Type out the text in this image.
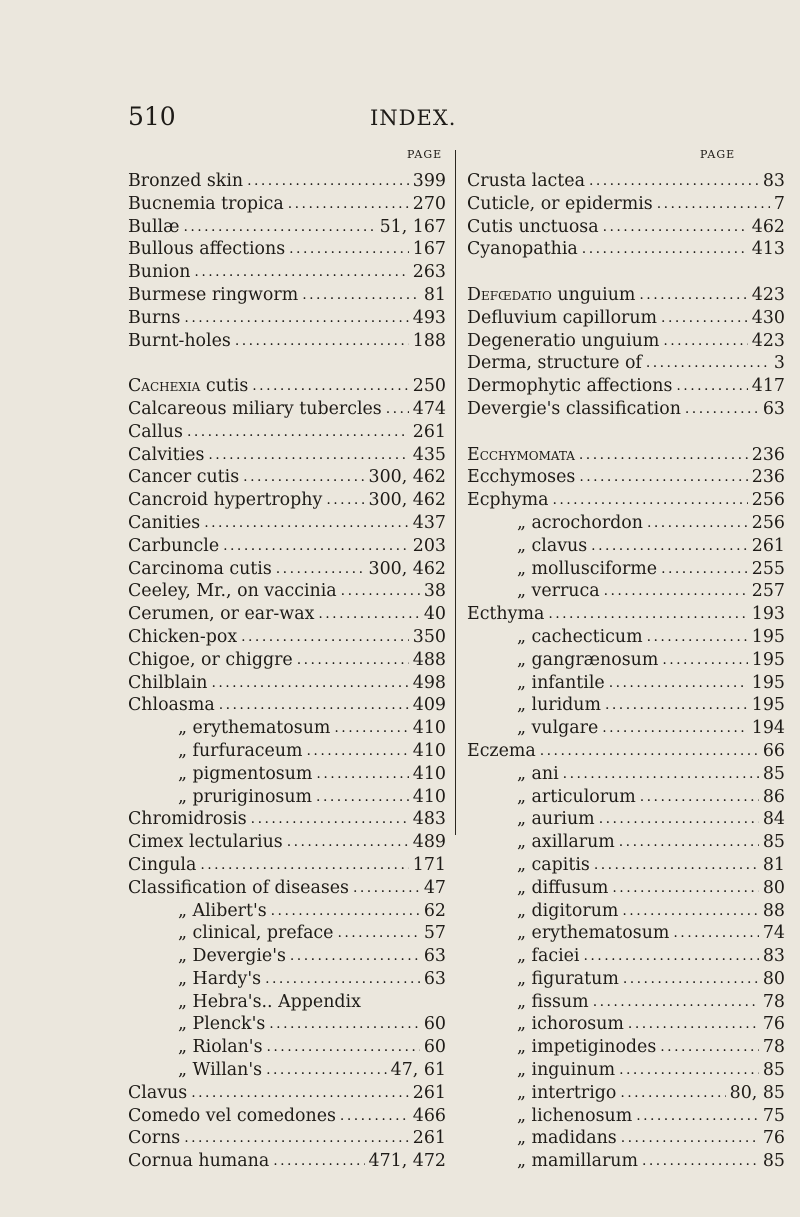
510	INDEX.
PAGE	PAGE
Bronzed skin . . .	399
Bucnemia tropica . . .	270
Bullæ . . .	51, 167
Bullous affections . . .	167
Bunion . . .	263
Burmese ringworm . . .	81
Burns . . .	493
Burnt-holes . . .	188
Cachexia cutis . . .	250
Calcareous miliary tubercles . . . 474
Callus . . .	261
Calvities . . .	435
Cancer cutis . . .	300, 462
Cancroid hypertrophy . . .	300, 462
Canities . . .	437
Carbuncle . . .	203
Carcinoma cutis . . .	300, 462
Ceeley, Mr., on vaccinia . . .	38
Cerumen, or ear-wax . . .	40
Chicken-pox . . .	350
Chigoe, or chiggre . . .	488
Chilblain . . .	498
Chloasma . . .	409
„ erythematosum . . .	410
„ furfuraceum . . .	410
„ pigmentosum . . .	410
„ pruriginosum . . .	410
Chromidrosis . . .	483
Cimex lectularius . . .	489
Cingula . . .	171
Classification of diseases . . .	47
„ Alibert's . . .	62
„ clinical, preface . . .	57
„ Devergie's . . .	63
„ Hardy's . . .	63
„ Hebra's.. Appendix
„ Plenck's . . .	60
„ Riolan's . . .	60
„ Willan's . . .	47, 61
Clavus . . .	261
Comedo vel comedones . . .	466
Corns . . .	261
Cornua humana . . .	471, 472
Crusta lactea . . .	83
Cuticle, or epidermis . . .	7
Cutis unctuosa . . .	462
Cyanopathia . . .	413
Defœdatio unguium . . .	423
Defluvium capillorum . . .	430
Degeneratio unguium . . .	423
Derma, structure of . . .	3
Dermophytic affections . . .	417
Devergie's classification . . .	63
Ecchymomata . . .	236
Ecchymoses . . .	236
Ecphyma . . .	256
„ acrochordon . . .	256
„ clavus . . .	261
„ mollusciforme . . .	255
„ verruca . . .	257
Ecthyma . . .	193
„ cachecticum . . .	195
„ gangrænosum . . .	195
„ infantile . . .	195
„ luridum . . .	195
„ vulgare . . .	194
Eczema . . .	66
„ ani . . .	85
„ articulorum . . .	86
„ aurium . . .	84
„ axillarum . . .	85
„ capitis . . .	81
„ diffusum . . .	80
„ digitorum . . .	88
„ erythematosum . . .	74
„ faciei . . .	83
„ figuratum . . .	80
„ fissum . . .	78
„ ichorosum . . .	76
„ impetiginodes . . .	78
„ inguinum . . .	85
„ intertrigo . . .	80, 85
„ lichenosum . . .	75
„ madidans . . .	76
„ mamillarum . . .	85
